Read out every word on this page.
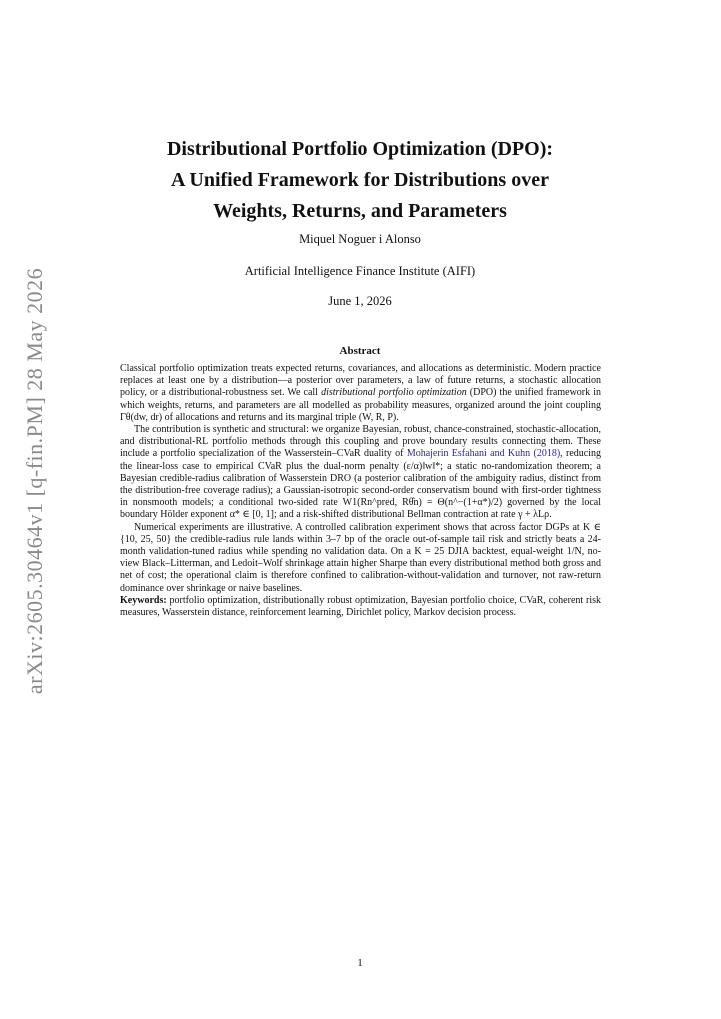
arXiv:2605.30464v1 [q-fin.PM] 28 May 2026
Distributional Portfolio Optimization (DPO):
A Unified Framework for Distributions over
Weights, Returns, and Parameters
Miquel Noguer i Alonso
Artificial Intelligence Finance Institute (AIFI)
June 1, 2026
Abstract

Classical portfolio optimization treats expected returns, covariances, and allocations as deterministic. Modern practice replaces at least one by a distribution—a posterior over parameters, a law of future returns, a stochastic allocation policy, or a distributional-robustness set. We call distributional portfolio optimization (DPO) the unified framework in which weights, returns, and parameters are all modelled as probability measures, organized around the joint coupling Γθ(dw, dr) of allocations and returns and its marginal triple (W, R, P).

The contribution is synthetic and structural: we organize Bayesian, robust, chance-constrained, stochastic-allocation, and distributional-RL portfolio methods through this coupling and prove boundary results connecting them. These include a portfolio specialization of the Wasserstein–CVaR duality of Mohajerin Esfahani and Kuhn (2018), reducing the linear-loss case to empirical CVaR plus the dual-norm penalty (ε/α)‖w‖*; a static no-randomization theorem; a Bayesian credible-radius calibration of Wasserstein DRO (a posterior calibration of the ambiguity radius, distinct from the distribution-free coverage radius); a Gaussian-isotropic second-order conservatism bound with first-order tightness in nonsmooth models; a conditional two-sided rate W1(Rn^pred, Rθ̂n) = Θ(n^−(1+α*)/2) governed by the local boundary Hölder exponent α* ∈ [0, 1]; and a risk-shifted distributional Bellman contraction at rate γ + λLρ.

Numerical experiments are illustrative. A controlled calibration experiment shows that across factor DGPs at K ∈ {10, 25, 50} the credible-radius rule lands within 3–7 bp of the oracle out-of-sample tail risk and strictly beats a 24-month validation-tuned radius while spending no validation data. On a K = 25 DJIA backtest, equal-weight 1/N, no-view Black–Litterman, and Ledoit–Wolf shrinkage attain higher Sharpe than every distributional method both gross and net of cost; the operational claim is therefore confined to calibration-without-validation and turnover, not raw-return dominance over shrinkage or naive baselines.

Keywords: portfolio optimization, distributionally robust optimization, Bayesian portfolio choice, CVaR, coherent risk measures, Wasserstein distance, reinforcement learning, Dirichlet policy, Markov decision process.

1
